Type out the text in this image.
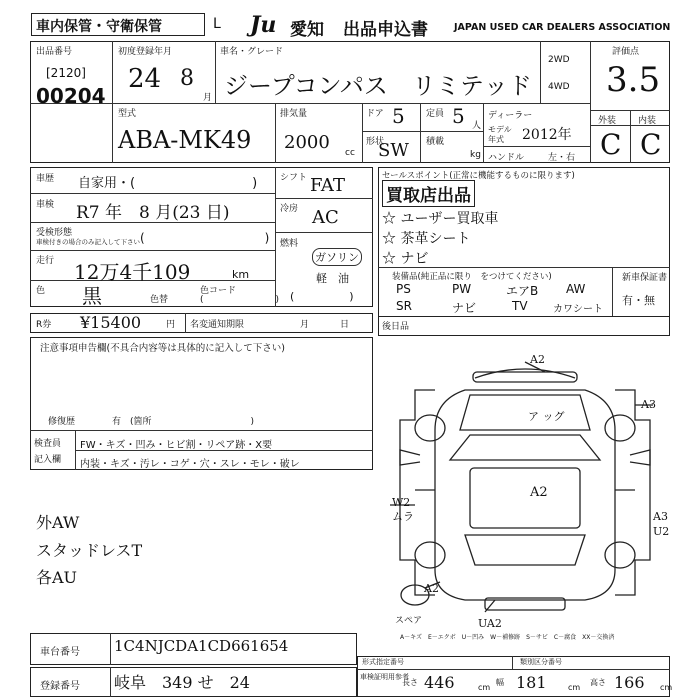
車内保管・守衛保管	L Ju 愛知 出品申込書	JAPAN USED CAR DEALERS ASSOCIATION
出品番号
[2120]
00204
初度登録年月
24 8
月
車名・グレード
ジープコンパス　リミテッド
2WD
4WD
評価点
3.5
型式
ABA-MK49
排気量
2000 cc
ドア 5 定員 5 人
形状
SW 積載
kg
ディーラー
モデル
年式 2012年
ハンドル	左・右
外装 内装
C C
車歴 自家用・(　　　　　　　　　)
車検 R7 年　8 月(23 日)
受検形態
車検付きの場合のみ記入して下さい (　　　　　　　　　　)
走行 12万4千109	km
色 黒	色替
色コード
(　　　　　　　　)
シフト FAT
冷房 AC
燃料
ガソリン
軽　油
(　　　　　)
セールスポイント(正常に機能するものに限ります)
買取店出品
☆ ユーザー買取車
☆ 茶革シート
☆ ナビ
装備品(純正品に限り　をつけてください)	新車保証書
有・無
PS	PW	エアB AW
SR	ナビ	TV	カワシート
R券 ¥15400	円 名変通知期限	月	日	後日品
注意事項申告欄(不具合内容等は具体的に記入して下さい)
修復歴	有　(箇所　　　　　　　　　　　)
検査員
記入欄
FW・キズ・凹み・ヒビ割・リペア跡・X要
内装・キズ・汚レ・コゲ・穴・スレ・モレ・破レ
外AW
スタッドレスT
各AU
A2
A3
ア ッグ
A2
A2
U2
W2
ムラ	A3
スペア	UA2
A－キズ　E－エクボ　U－凹み　W－補修跡　S－サビ　C－腐食　XX－交換済
車台番号 1C4NJCDA1CD661654
登録番号 岐阜　349 せ　24
形式指定番号	類別区分番号
車検証明用参考
長さ 446	cm
幅 181	cm
高さ 166 cm
